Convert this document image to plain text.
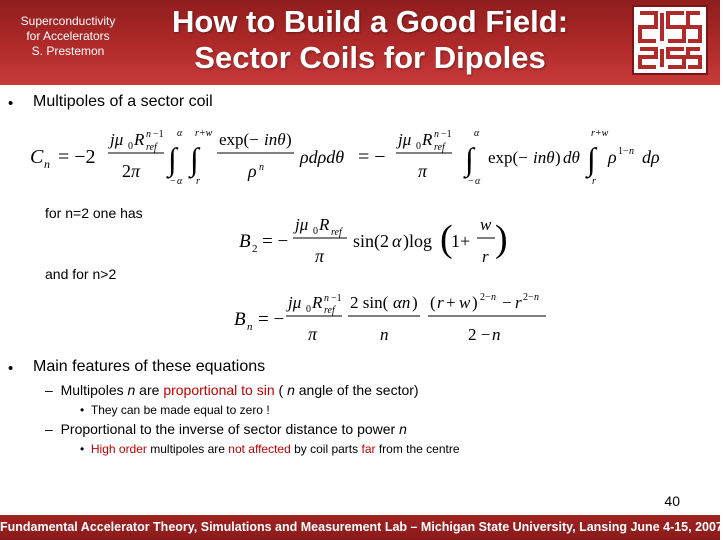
Superconductivity
for Accelerators
S. Prestemon
How to Build a Good Field:
Sector Coils for Dipoles
• Multipoles of a sector coil
C n = −2
jμ 0 R n −1
ref
2 π
α
∫
− α
r+w
∫
r
exp(− inθ )
ρ n
ρdρdθ = −
jμ 0 R n −1
ref
π
α
∫
− α
exp(− inθ ) dθ
r+w
∫
r
ρ 1− n dρ
for n=2 one has
B 2 = −
jμ 0 R ref
π
sin(2 α )log (
1+
w
r )
and for n>2
B n = −
jμ 0 R n −1
ref
π
2 sin( αn )
n
( r + w ) 2− n − r 2− n
2 − n
• Main features of these equations
–  Multipoles n are proportional to sin ( n angle of the sector)
•  They can be made equal to zero !
–  Proportional to the inverse of sector distance to power n
•  High order multipoles are not affected by coil parts far from the centre
40
Fundamental Accelerator Theory, Simulations and Measurement Lab – Michigan State University, Lansing June 4-15, 2007
